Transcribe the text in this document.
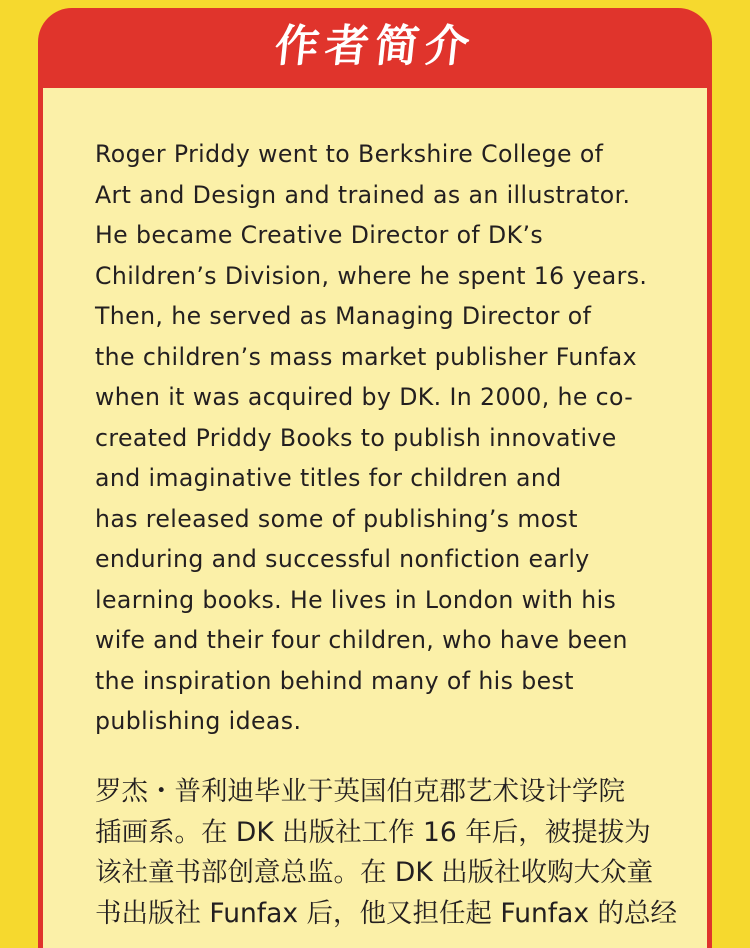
作者简介

Roger Priddy went to Berkshire College of
Art and Design and trained as an illustrator.
He became Creative Director of DK’s
Children’s Division, where he spent 16 years.
Then, he served as Managing Director of
the children’s mass market publisher Funfax
when it was acquired by DK. In 2000, he co-
created Priddy Books to publish innovative
and imaginative titles for children and
has released some of publishing’s most
enduring and successful nonfiction early
learning books. He lives in London with his
wife and their four children, who have been
the inspiration behind many of his best
publishing ideas.

罗杰・普利迪毕业于英国伯克郡艺术设计学院
插画系。在 DK 出版社工作 16 年后，被提拔为
该社童书部创意总监。在 DK 出版社收购大众童
书出版社 Funfax 后，他又担任起 Funfax 的总经
